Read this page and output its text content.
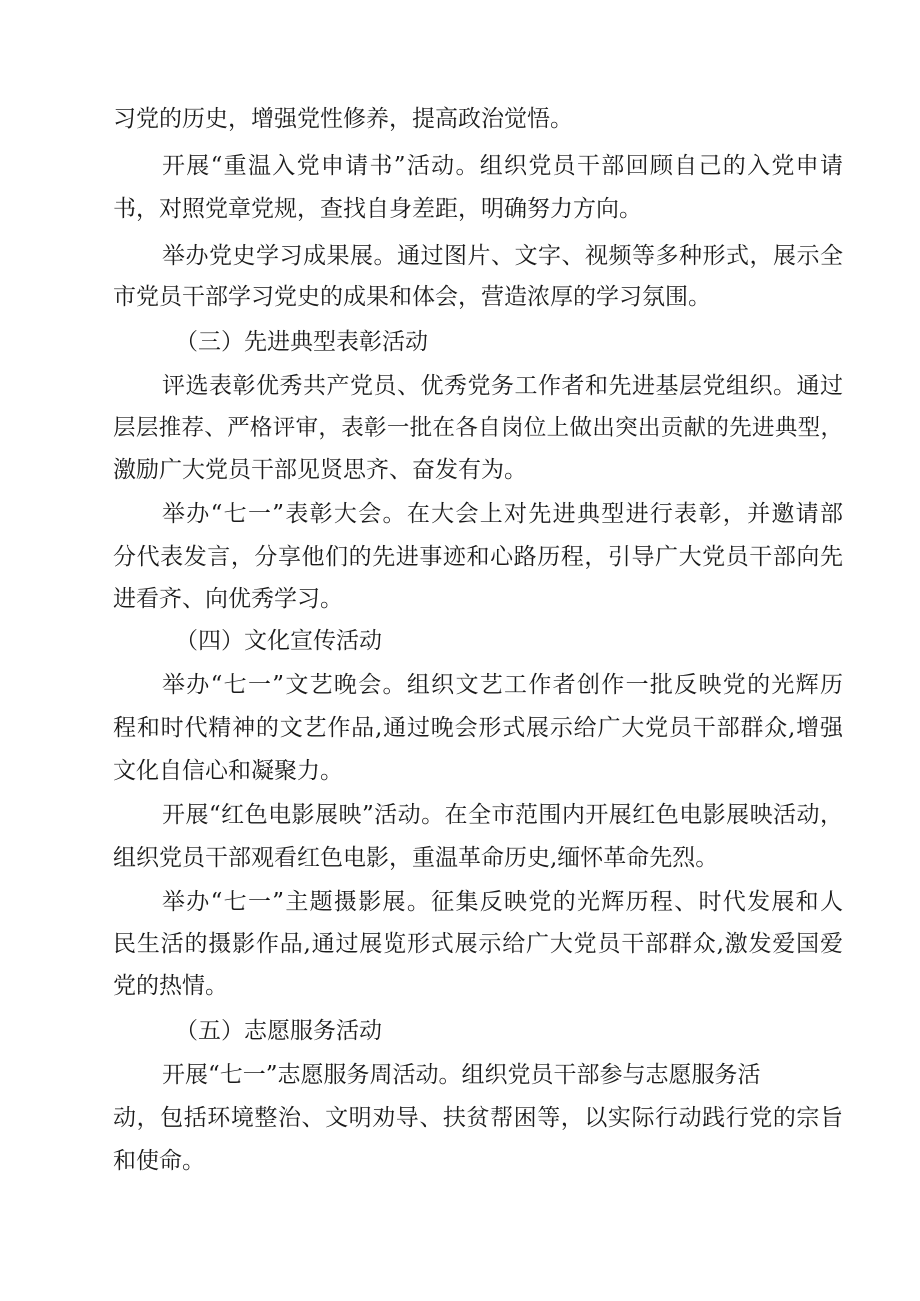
习党的历史，增强党性修养，提高政治觉悟。

开展“重温入党申请书”活动。组织党员干部回顾自己的入党申请

书，对照党章党规，查找自身差距，明确努力方向。

举办党史学习成果展。通过图片、文字、视频等多种形式，展示全

市党员干部学习党史的成果和体会，营造浓厚的学习氛围。

（三）先进典型表彰活动

评选表彰优秀共产党员、优秀党务工作者和先进基层党组织。通过

层层推荐、严格评审，表彰一批在各自岗位上做出突出贡献的先进典型，

激励广大党员干部见贤思齐、奋发有为。

举办“七一”表彰大会。在大会上对先进典型进行表彰，并邀请部

分代表发言，分享他们的先进事迹和心路历程，引导广大党员干部向先

进看齐、向优秀学习。

（四）文化宣传活动

举办“七一”文艺晚会。组织文艺工作者创作一批反映党的光辉历

程和时代精神的文艺作品,通过晚会形式展示给广大党员干部群众,增强

文化自信心和凝聚力。

开展“红色电影展映”活动。在全市范围内开展红色电影展映活动，

组织党员干部观看红色电影，重温革命历史,缅怀革命先烈。

举办“七一”主题摄影展。征集反映党的光辉历程、时代发展和人

民生活的摄影作品,通过展览形式展示给广大党员干部群众,激发爱国爱

党的热情。

（五）志愿服务活动

开展“七一”志愿服务周活动。组织党员干部参与志愿服务活

动，包括环境整治、文明劝导、扶贫帮困等，以实际行动践行党的宗旨

和使命。
